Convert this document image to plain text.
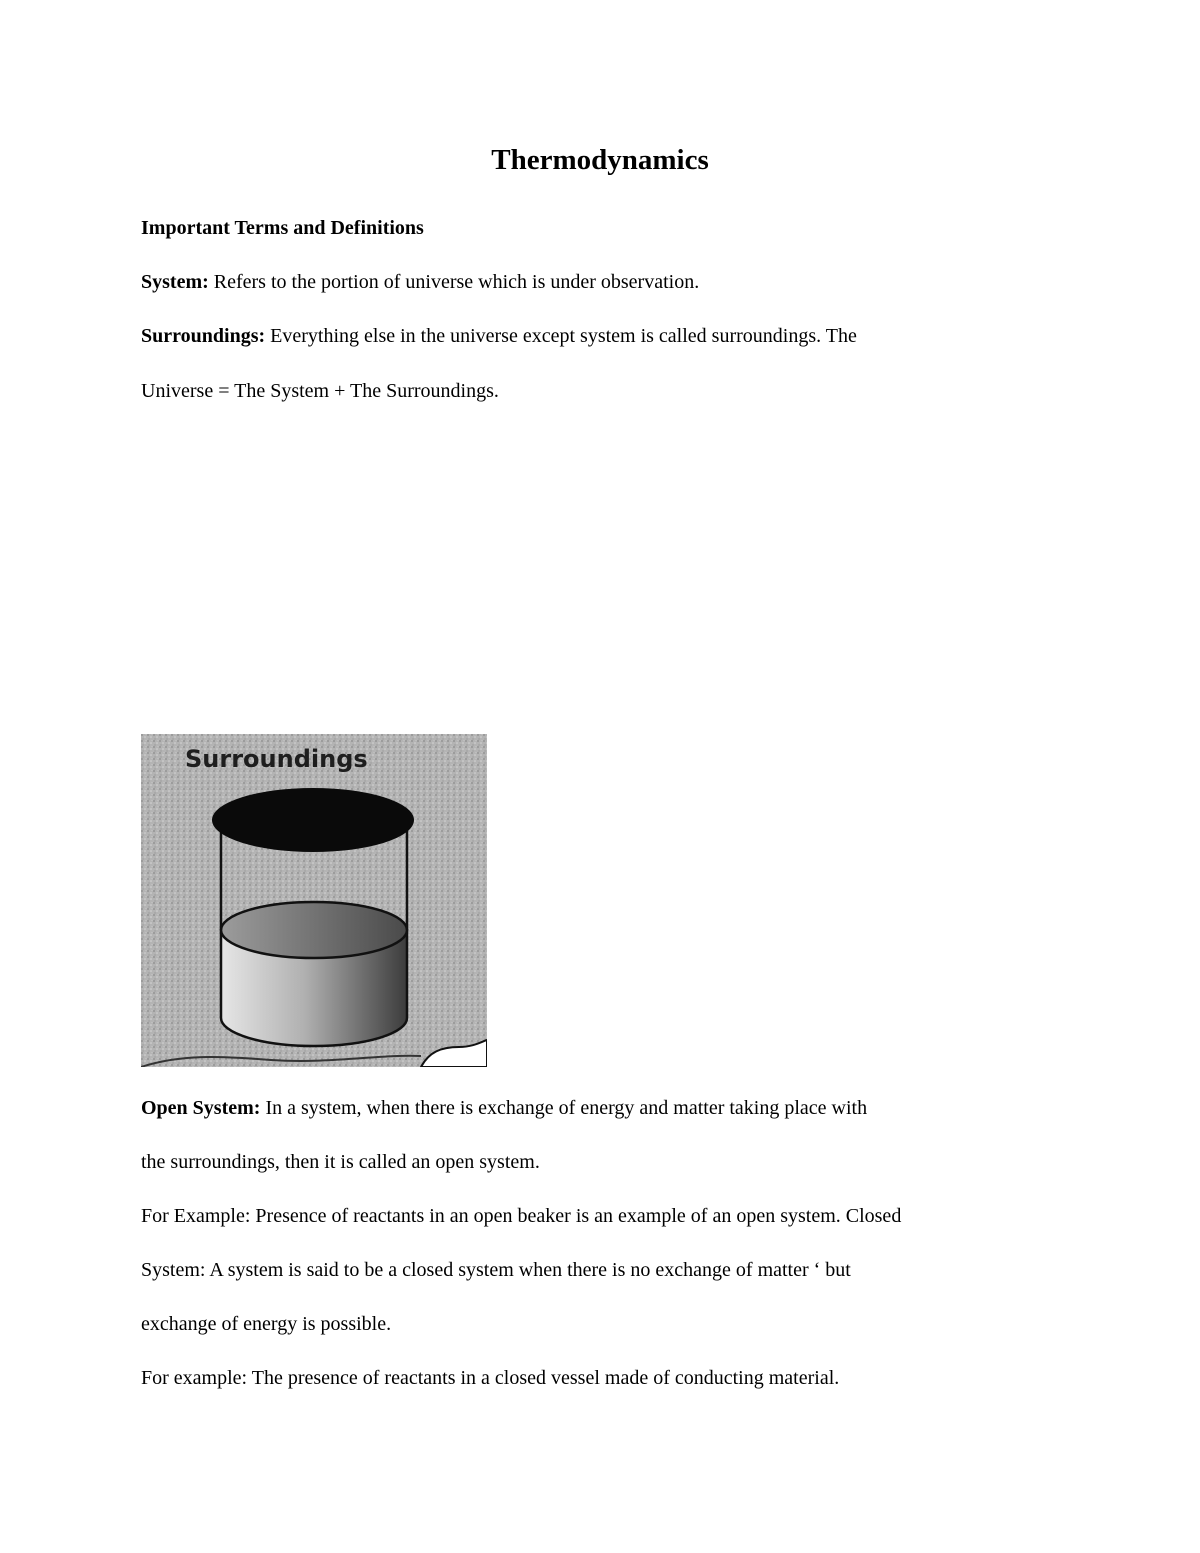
Thermodynamics
Important Terms and Definitions
System: Refers to the portion of universe which is under observation.
Surroundings: Everything else in the universe except system is called surroundings. The
Universe = The System + The Surroundings.
Surroundings
Open System: In a system, when there is exchange of energy and matter taking place with
the surroundings, then it is called an open system.
For Example: Presence of reactants in an open beaker is an example of an open system. Closed
System: A system is said to be a closed system when there is no exchange of matter ‘ but
exchange of energy is possible.
For example: The presence of reactants in a closed vessel made of conducting material.
